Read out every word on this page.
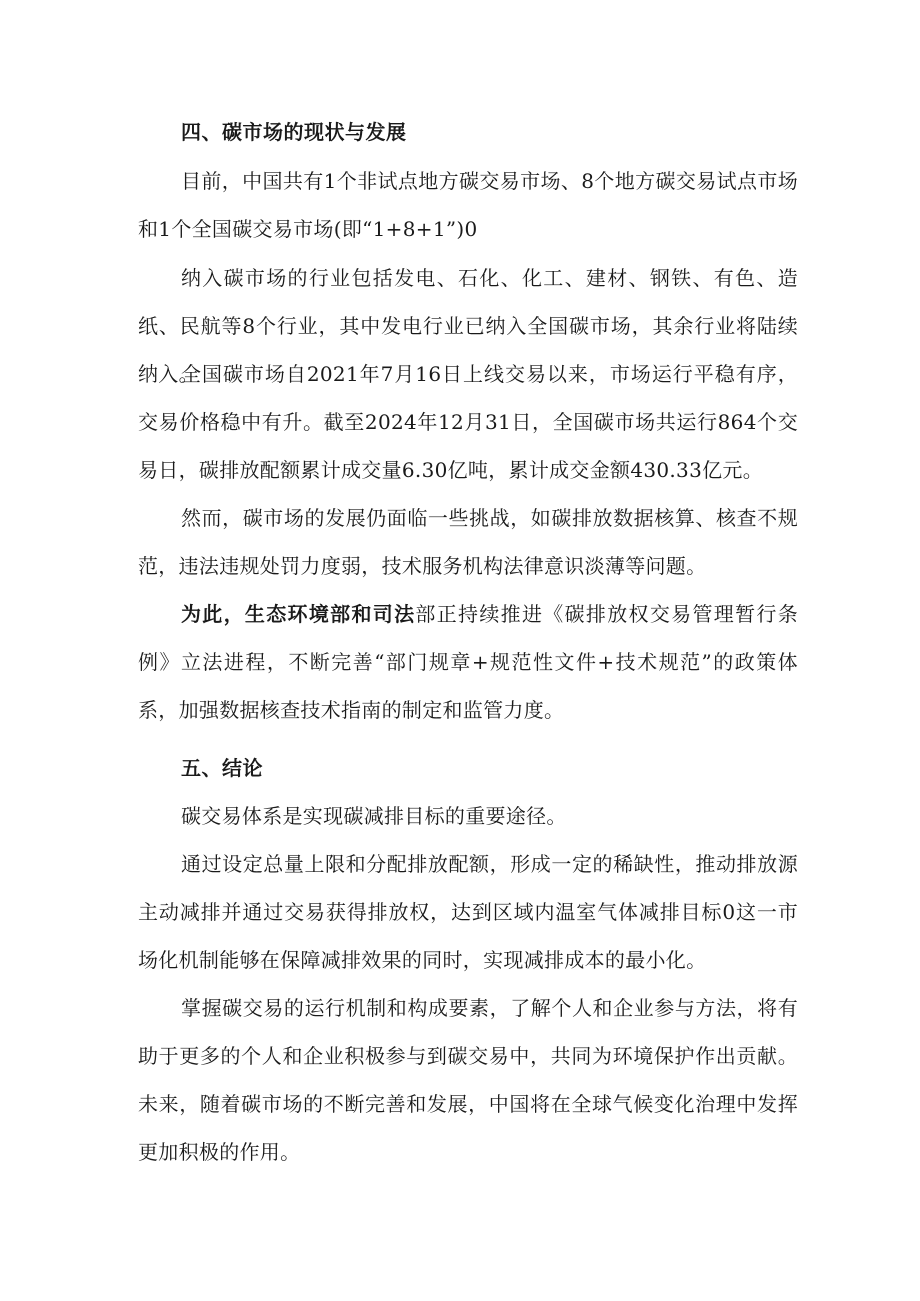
四、碳市场的现状与发展

目前，中国共有1个非试点地方碳交易市场、8个地方碳交易试点市场和1个全国碳交易市场(即“1+8+1”)0

纳入碳市场的行业包括发电、石化、化工、建材、钢铁、有色、造纸、民航等8个行业，其中发电行业已纳入全国碳市场，其余行业将陆续纳入。

全国碳市场自2021年7月16日上线交易以来，市场运行平稳有序，交易价格稳中有升。截至2024年12月31日，全国碳市场共运行864个交易日，碳排放配额累计成交量6.30亿吨，累计成交金额430.33亿元。

然而，碳市场的发展仍面临一些挑战，如碳排放数据核算、核查不规范，违法违规处罚力度弱，技术服务机构法律意识淡薄等问题。

为此，生态环境部和司法部正持续推进《碳排放权交易管理暂行条例》立法进程，不断完善“部门规章+规范性文件+技术规范”的政策体系，加强数据核查技术指南的制定和监管力度。

五、结论

碳交易体系是实现碳减排目标的重要途径。

通过设定总量上限和分配排放配额，形成一定的稀缺性，推动排放源主动减排并通过交易获得排放权，达到区域内温室气体减排目标0这一市场化机制能够在保障减排效果的同时，实现减排成本的最小化。

掌握碳交易的运行机制和构成要素，了解个人和企业参与方法，将有助于更多的个人和企业积极参与到碳交易中，共同为环境保护作出贡献。未来，随着碳市场的不断完善和发展，中国将在全球气候变化治理中发挥更加积极的作用。
